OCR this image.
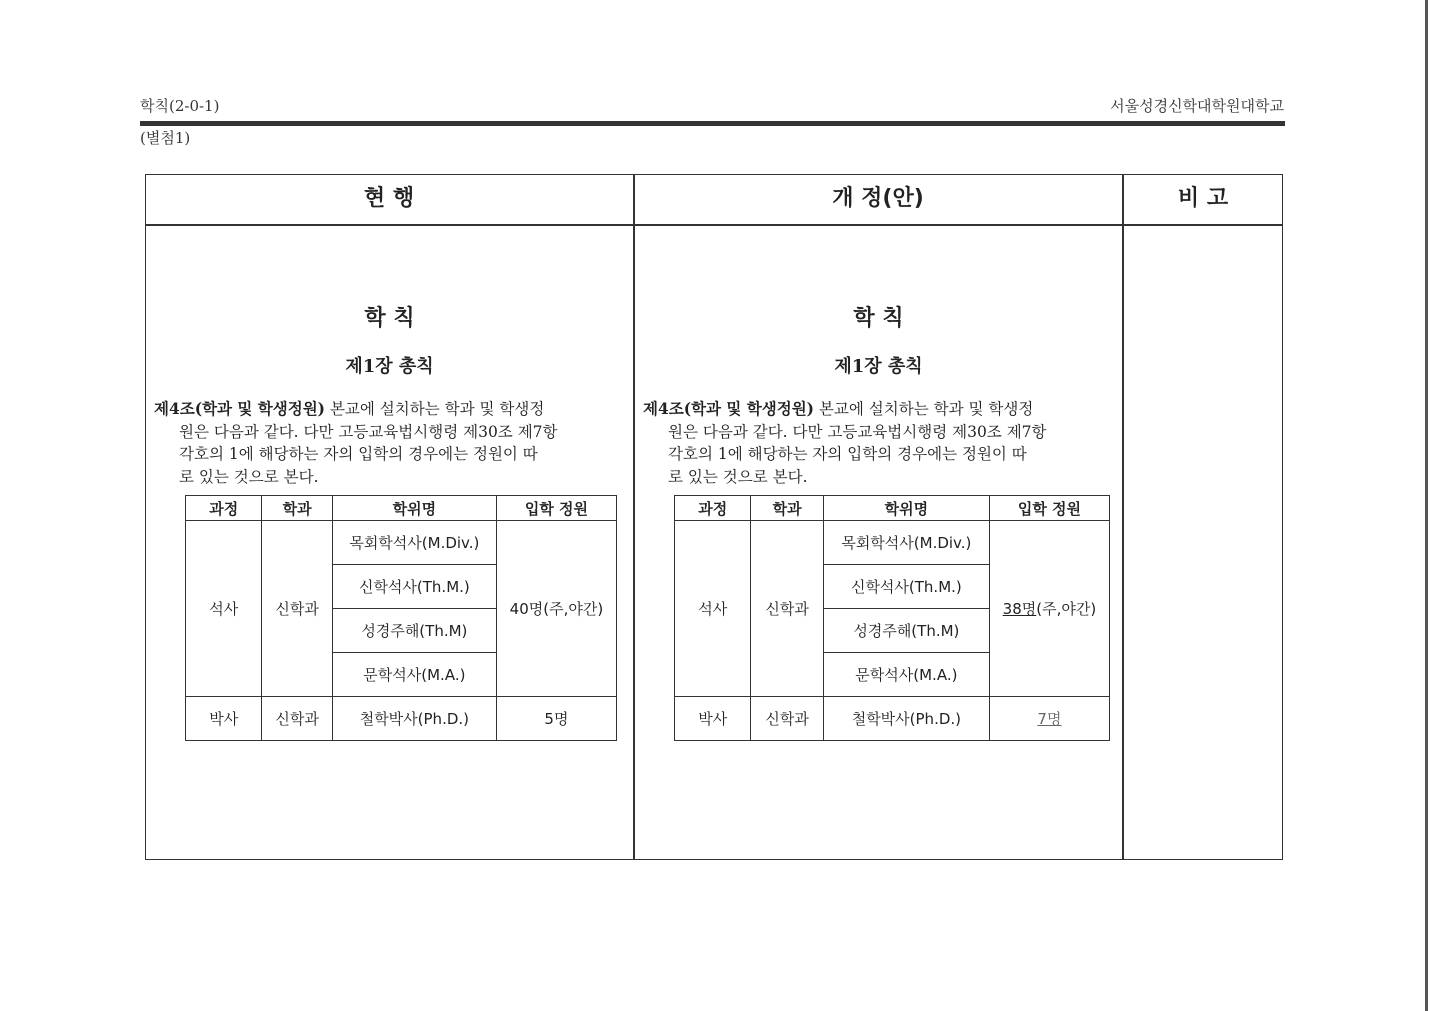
학칙(2-0-1)	서울성경신학대학원대학교
(별첨1)
현 행	개 정(안)	비 고
학 칙
제1장 총칙
제4조(학과 및 학생정원) 본교에 설치하는 학과 및 학생정
원은 다음과 같다. 다만 고등교육법시행령 제30조 제7항
각호의 1에 해당하는 자의 입학의 경우에는 정원이 따
로 있는 것으로 본다.
과정	학과	학위명	입학 정원
석사	신학과	목회학석사(M.Div.)	40명(주,야간)
		신학석사(Th.M.)	
		성경주해(Th.M)	
		문학석사(M.A.)	
박사	신학과	철학박사(Ph.D.)	5명
학 칙
제1장 총칙
제4조(학과 및 학생정원) 본교에 설치하는 학과 및 학생정
원은 다음과 같다. 다만 고등교육법시행령 제30조 제7항
각호의 1에 해당하는 자의 입학의 경우에는 정원이 따
로 있는 것으로 본다.
과정	학과	학위명	입학 정원
석사	신학과	목회학석사(M.Div.)	38명(주,야간)
		신학석사(Th.M.)	
		성경주해(Th.M)	
		문학석사(M.A.)	
박사	신학과	철학박사(Ph.D.)	7명
